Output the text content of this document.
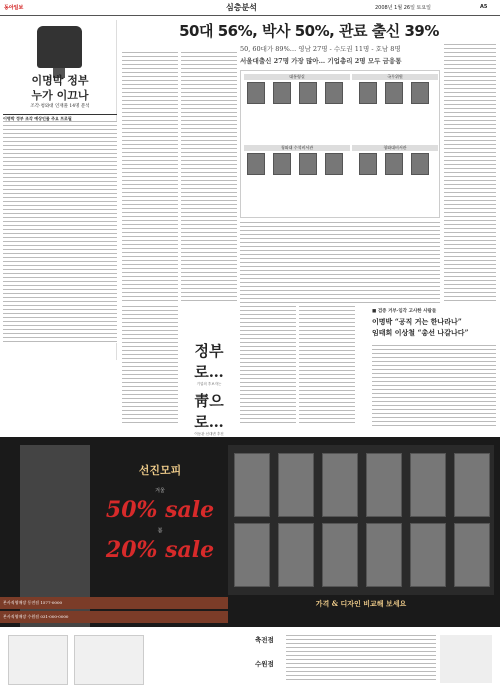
동아일보	심층분석	2008년 1월 26일 토요일	A5
이명박 정부
누가 이끄나
조각·청와대 인재풀 14명 분석
이명박 정부 조각 예상인물 주요 프로필
50대 56%, 박사 50%, 관료 출신 39%
50, 60대가 89%… 영남 27명 - 수도권 11명 - 호남 8명
서울대출신 27명 가장 많아… 기업총리 2명 모두 금융통
대통령실	국무위원
청와대 수석비서관	청와대비서관
정부로…
기업의 후보자는
靑으로…
이동관 신대변 추천
■ 검증 거부·임각 고사한 사람들
이명박 “공직 거는 한나라나”
임태희 이상철 “총선 나갈나다”
선진모피
겨울
50% sale
봄
20% sale
본사직영매장 동전점 1577-0000
본사직영매장 수원점 031-000-0000
가격 & 디자인 비교해 보세요
축전점
수원점
